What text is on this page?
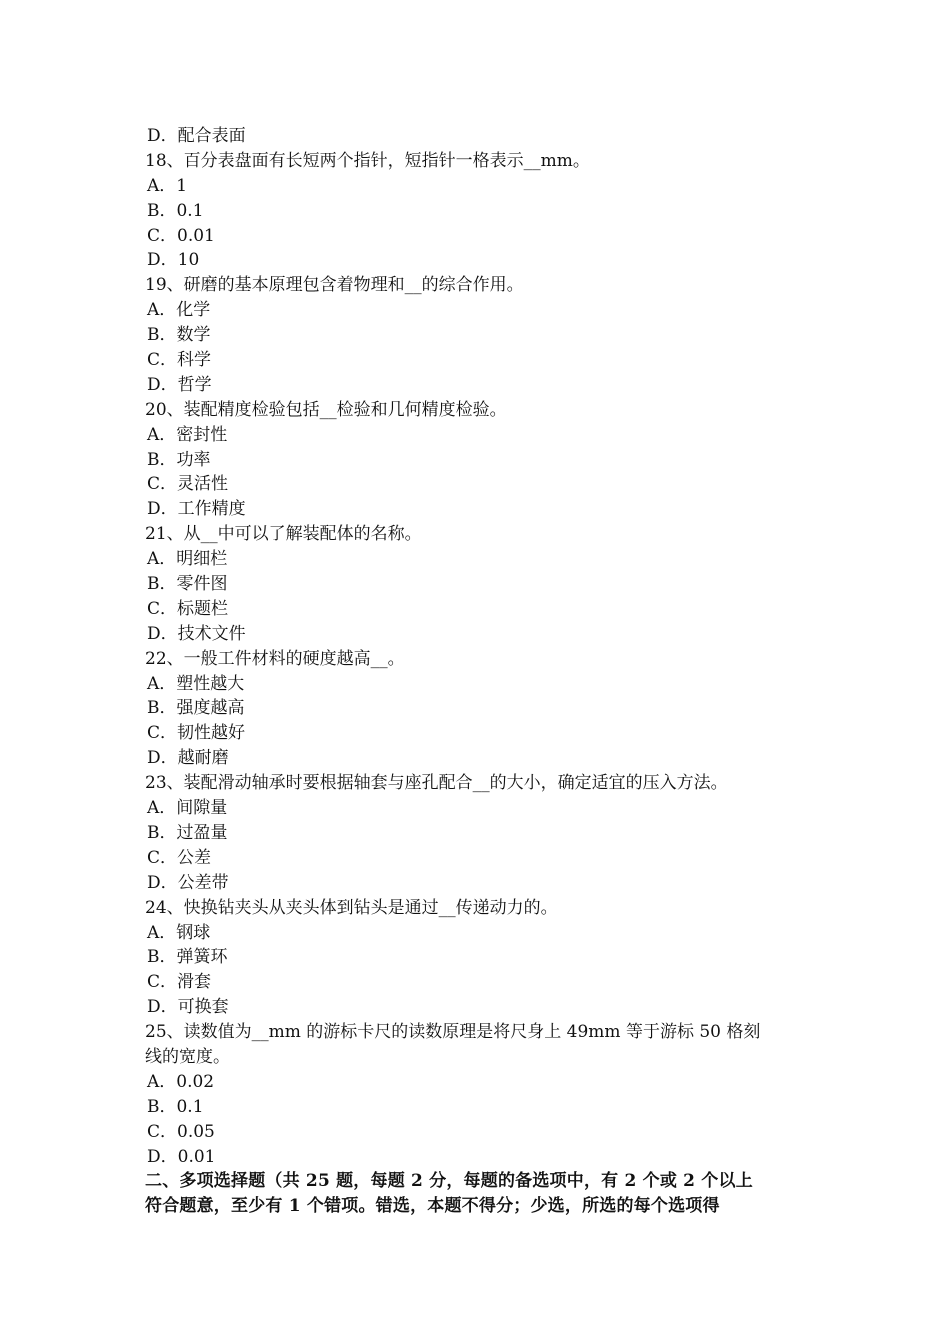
D．配合表面
18、百分表盘面有长短两个指针，短指针一格表示__mm。
A．1
B．0.1
C．0.01
D．10
19、研磨的基本原理包含着物理和__的综合作用。
A．化学
B．数学
C．科学
D．哲学
20、装配精度检验包括__检验和几何精度检验。
A．密封性
B．功率
C．灵活性
D．工作精度
21、从__中可以了解装配体的名称。
A．明细栏
B．零件图
C．标题栏
D．技术文件
22、一般工件材料的硬度越高__。
A．塑性越大
B．强度越高
C．韧性越好
D．越耐磨
23、装配滑动轴承时要根据轴套与座孔配合__的大小，确定适宜的压入方法。
A．间隙量
B．过盈量
C．公差
D．公差带
24、快换钻夹头从夹头体到钻头是通过__传递动力的。
A．钢球
B．弹簧环
C．滑套
D．可换套
25、读数值为__mm 的游标卡尺的读数原理是将尺身上 49mm 等于游标 50 格刻
线的宽度。
A．0.02
B．0.1
C．0.05
D．0.01
二、多项选择题（共 25 题，每题 2 分，每题的备选项中，有 2 个或 2 个以上
符合题意，至少有 1 个错项。错选，本题不得分；少选，所选的每个选项得
